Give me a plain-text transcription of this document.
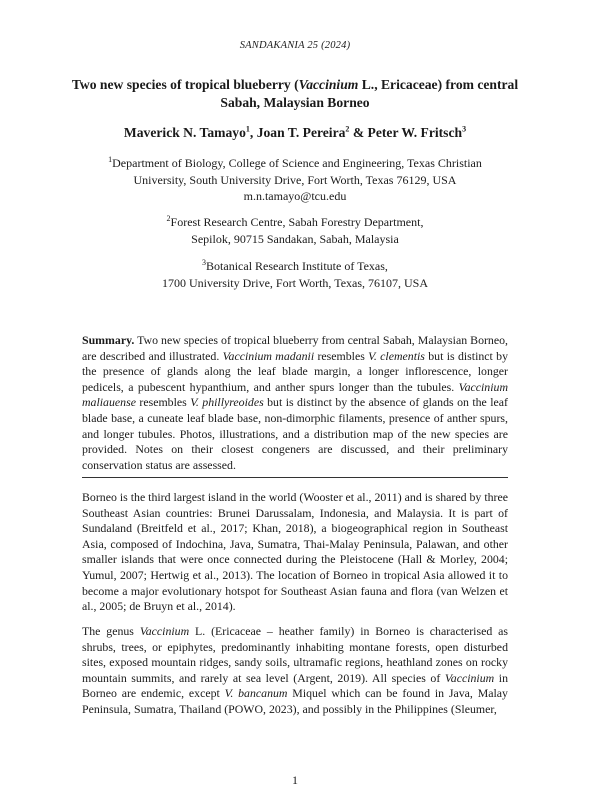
SANDAKANIA 25 (2024)
Two new species of tropical blueberry (Vaccinium L., Ericaceae) from central Sabah, Malaysian Borneo
Maverick N. Tamayo$^1$, Joan T. Pereira$^2$ & Peter W. Fritsch$^3$
$^1$Department of Biology, College of Science and Engineering, Texas Christian
University, South University Drive, Fort Worth, Texas 76129, USA
m.n.tamayo@tcu.edu
$^2$Forest Research Centre, Sabah Forestry Department,
Sepilok, 90715 Sandakan, Sabah, Malaysia
$^3$Botanical Research Institute of Texas,
1700 University Drive, Fort Worth, Texas, 76107, USA
Summary. Two new species of tropical blueberry from central Sabah, Malaysian Borneo, are described and illustrated. Vaccinium madanii resembles V. clementis but is distinct by the presence of glands along the leaf blade margin, a longer inflorescence, longer pedicels, a pubescent hypanthium, and anther spurs longer than the tubules. Vaccinium maliauense resembles V. phillyreoides but is distinct by the absence of glands on the leaf blade base, a cuneate leaf blade base, non-dimorphic filaments, presence of anther spurs, and longer tubules. Photos, illustrations, and a distribution map of the new species are provided. Notes on their closest congeners are discussed, and their preliminary conservation status are assessed.
Borneo is the third largest island in the world (Wooster et al., 2011) and is shared by three Southeast Asian countries: Brunei Darussalam, Indonesia, and Malaysia. It is part of Sundaland (Breitfeld et al., 2017; Khan, 2018), a biogeographical region in Southeast Asia, composed of Indochina, Java, Sumatra, Thai-Malay Peninsula, Palawan, and other smaller islands that were once connected during the Pleistocene (Hall & Morley, 2004; Yumul, 2007; Hertwig et al., 2013). The location of Borneo in tropical Asia allowed it to become a major evolutionary hotspot for Southeast Asian fauna and flora (van Welzen et al., 2005; de Bruyn et al., 2014).
The genus Vaccinium L. (Ericaceae – heather family) in Borneo is characterised as shrubs, trees, or epiphytes, predominantly inhabiting montane forests, open disturbed sites, exposed mountain ridges, sandy soils, ultramafic regions, heathland zones on rocky mountain summits, and rarely at sea level (Argent, 2019). All species of Vaccinium in Borneo are endemic, except V. bancanum Miquel which can be found in Java, Malay Peninsula, Sumatra, Thailand (POWO, 2023), and possibly in the Philippines (Sleumer,
1
